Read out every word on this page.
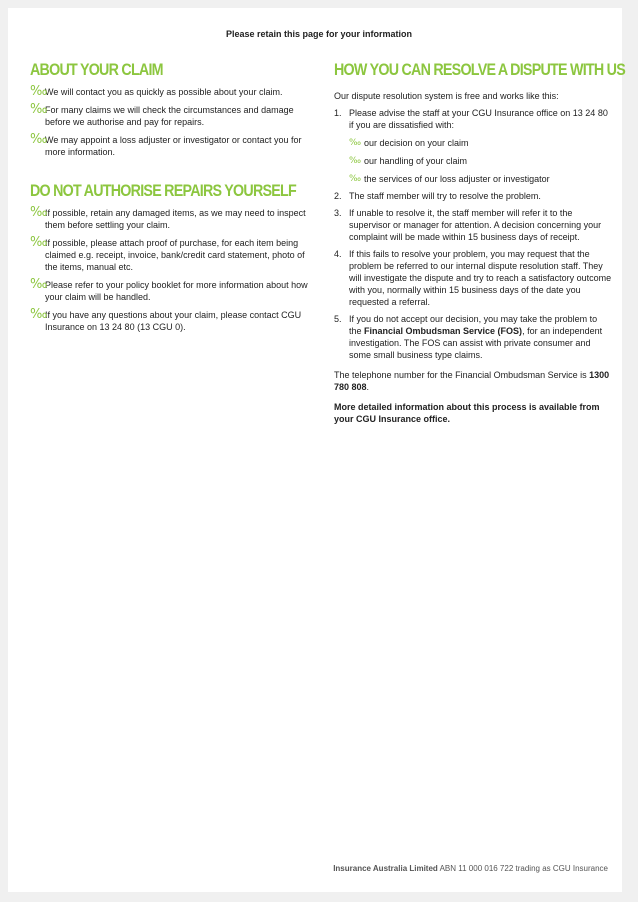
Please retain this page for your information
ABOUT YOUR CLAIM
‰
We will contact you as quickly as possible about your claim.
‰
For many claims we will check the circumstances and damage before we authorise and pay for repairs.
‰
We may appoint a loss adjuster or investigator or contact you for more information.
DO NOT AUTHORISE REPAIRS YOURSELF
‰
If possible, retain any damaged items, as we may need to inspect them before settling your claim.
‰
If possible, please attach proof of purchase, for each item being claimed e.g. receipt, invoice, bank/credit card statement, photo of the items, manual etc.
‰
Please refer to your policy booklet for more information about how your claim will be handled.
‰
If you have any questions about your claim, please contact CGU Insurance on 13 24 80 (13 CGU 0).
HOW YOU CAN RESOLVE A DISPUTE WITH US
Our dispute resolution system is free and works like this:
1. Please advise the staff at your CGU Insurance office on 13 24 80 if you are dissatisfied with:
‰ our decision on your claim
‰ our handling of your claim
‰ the services of our loss adjuster or investigator
2. The staff member will try to resolve the problem.
3. If unable to resolve it, the staff member will refer it to the supervisor or manager for attention. A decision concerning your complaint will be made within 15 business days of receipt.
4. If this fails to resolve your problem, you may request that the problem be referred to our internal dispute resolution staff. They will investigate the dispute and try to reach a satisfactory outcome with you, normally within 15 business days of the date you requested a referral.
5. If you do not accept our decision, you may take the problem to the Financial Ombudsman Service (FOS), for an independent investigation. The FOS can assist with private consumer and some small business type claims.
The telephone number for the Financial Ombudsman Service is 1300 780 808.
More detailed information about this process is available from your CGU Insurance office.
Insurance Australia Limited ABN 11 000 016 722 trading as CGU Insurance
